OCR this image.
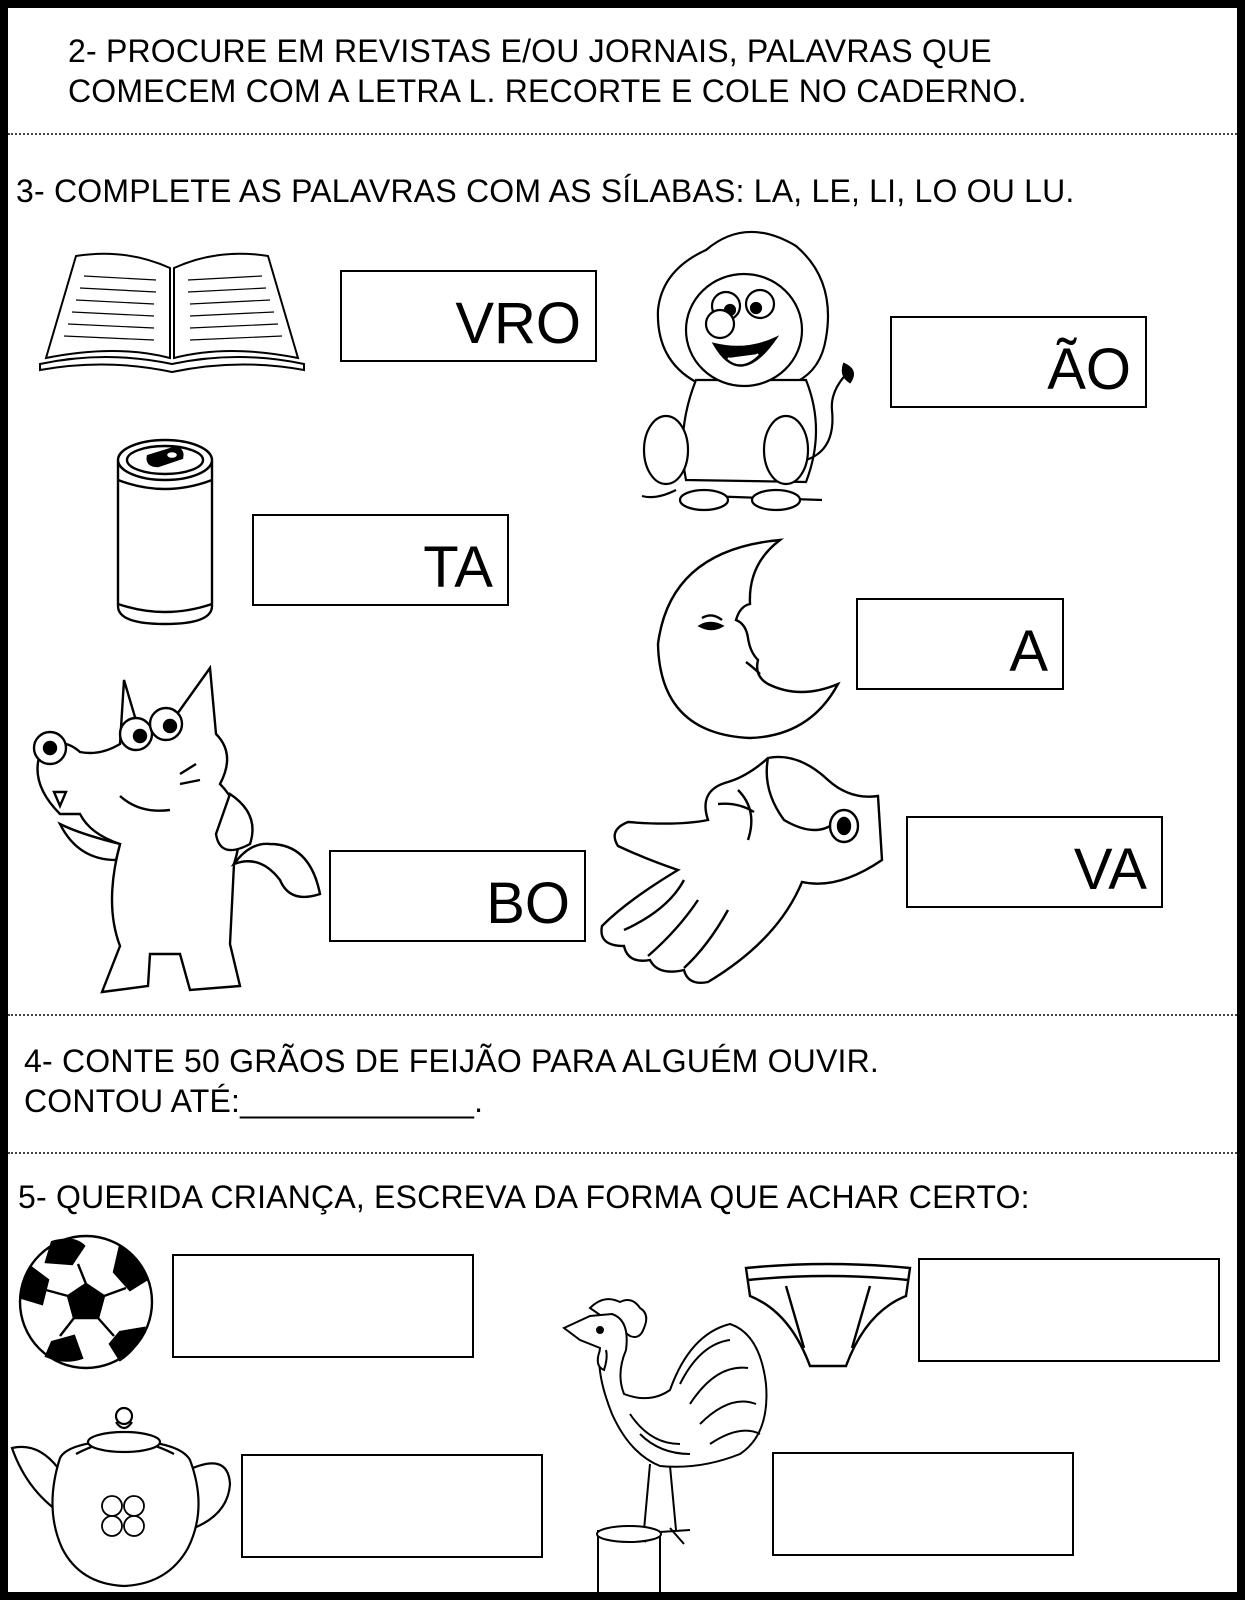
2- PROCURE EM REVISTAS E/OU JORNAIS, PALAVRAS QUE
COMECEM COM A LETRA L. RECORTE E COLE NO CADERNO.
3- COMPLETE AS PALAVRAS COM AS SÍLABAS: LA, LE, LI, LO OU LU.
VRO
ÃO
TA
A
BO
VA
4- CONTE 50 GRÃOS DE FEIJÃO PARA ALGUÉM OUVIR.
CONTOU ATÉ:_____________.
5- QUERIDA CRIANÇA, ESCREVA DA FORMA QUE ACHAR CERTO:
